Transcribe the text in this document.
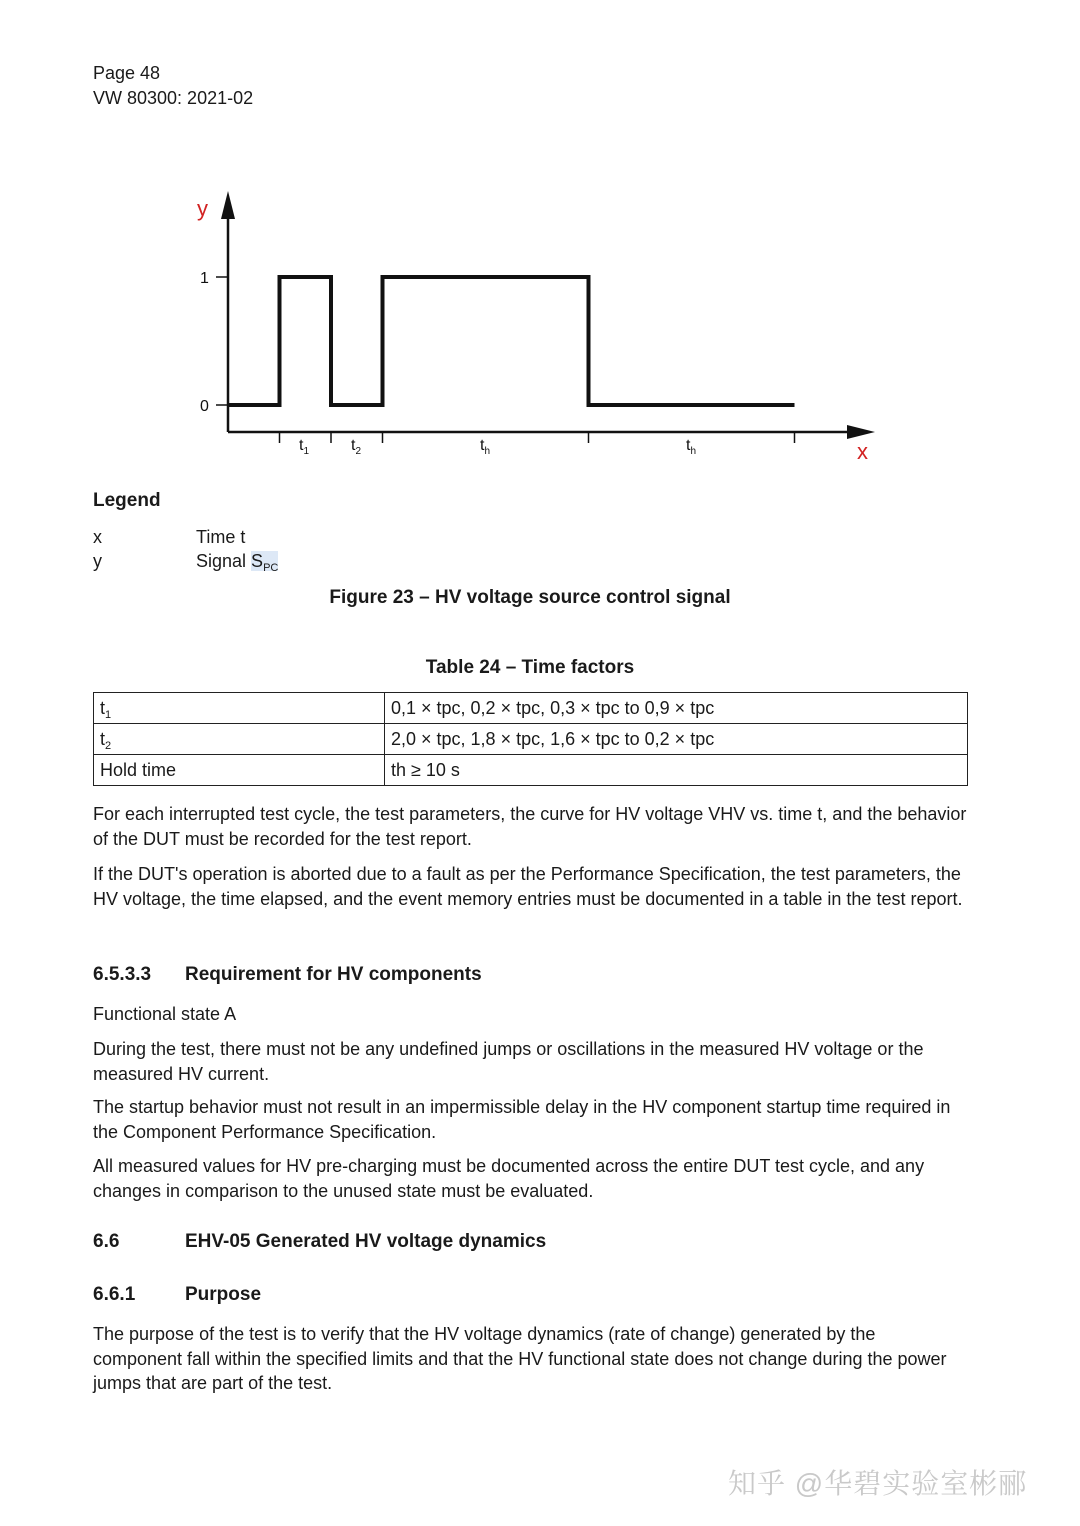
Page 48
VW 80300: 2021-02
y
x
1
0
$t_1$	$t_2$	$t_h$	$t_h$
Legend
x	Time t
y	Signal $S_{PC}$
Figure 23 – HV voltage source control signal
Table 24 – Time factors
$t_1$	0,1 × tpc, 0,2 × tpc, 0,3 × tpc to 0,9 × tpc
$t_2$	2,0 × tpc, 1,8 × tpc, 1,6 × tpc to 0,2 × tpc
Hold time	th ≥ 10 s
For each interrupted test cycle, the test parameters, the curve for HV voltage VHV vs. time t, and the behavior of the DUT must be recorded for the test report.
If the DUT's operation is aborted due to a fault as per the Performance Specification, the test parameters, the HV voltage, the time elapsed, and the event memory entries must be documented in a table in the test report.
6.5.3.3 Requirement for HV components
Functional state A
During the test, there must not be any undefined jumps or oscillations in the measured HV voltage or the measured HV current.
The startup behavior must not result in an impermissible delay in the HV component startup time required in the Component Performance Specification.
All measured values for HV pre-charging must be documented across the entire DUT test cycle, and any changes in comparison to the unused state must be evaluated.
6.6	EHV-05 Generated HV voltage dynamics
6.6.1	Purpose
The purpose of the test is to verify that the HV voltage dynamics (rate of change) generated by the component fall within the specified limits and that the HV functional state does not change during the power jumps that are part of the test.
知乎 @华碧实验室彬郦
